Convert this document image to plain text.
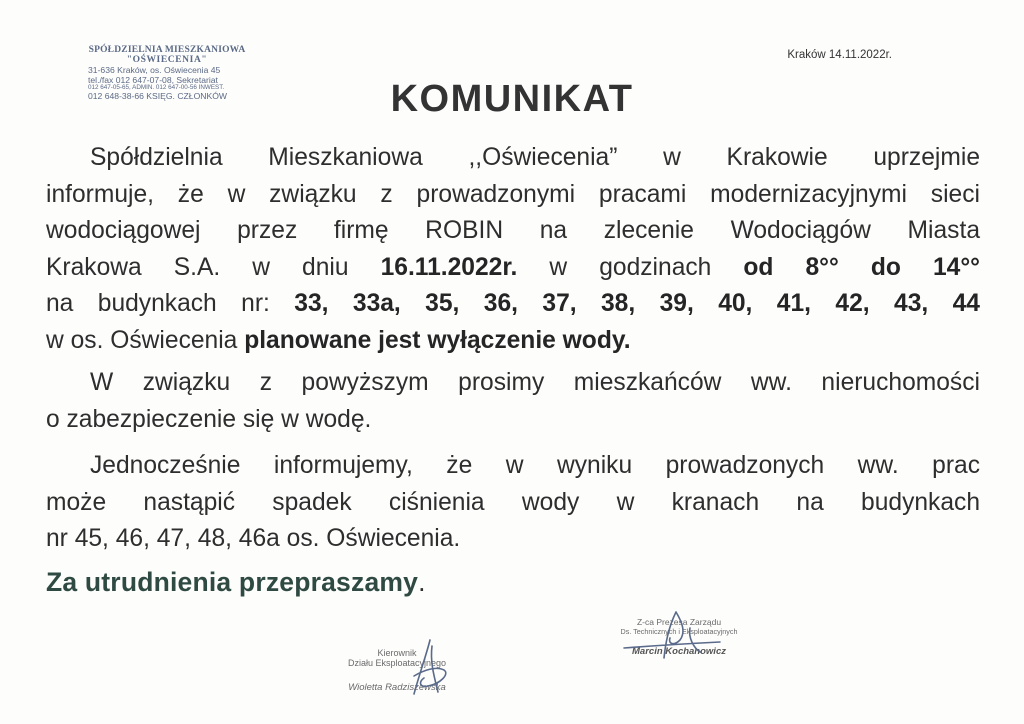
SPÓŁDZIELNIA MIESZKANIOWA
"OŚWIECENIA"
31-636 Kraków, os. Oświecenia 45
tel./fax 012 647-07-08, Sekretariat
012 647-05-65, ADMIN. 012 647-00-56 INWEST.
012 648-38-66 KSIĘG. CZŁONKÓW
Kraków 14.11.2022r.
KOMUNIKAT
Spółdzielnia Mieszkaniowa ,,Oświecenia” w Krakowie uprzejmie
informuje, że w związku z prowadzonymi pracami modernizacyjnymi sieci
wodociągowej przez firmę ROBIN na zlecenie Wodociągów Miasta
Krakowa S.A. w dniu 16.11.2022r. w godzinach od 8°° do 14°°
na budynkach nr: 33, 33a, 35, 36, 37, 38, 39, 40, 41, 42, 43, 44
w os. Oświecenia planowane jest wyłączenie wody.
W związku z powyższym prosimy mieszkańców ww. nieruchomości
o zabezpieczenie się w wodę.
Jednocześnie informujemy, że w wyniku prowadzonych ww. prac
może nastąpić spadek ciśnienia wody w kranach na budynkach
nr 45, 46, 47, 48, 46a os. Oświecenia.
Za utrudnienia przepraszamy.
Kierownik
Działu Eksploatacyjnego
Wioletta Radziszewska
Z-ca Prezesa Zarządu
Ds. Technicznych i Eksploatacyjnych
Marcin Kochanowicz
